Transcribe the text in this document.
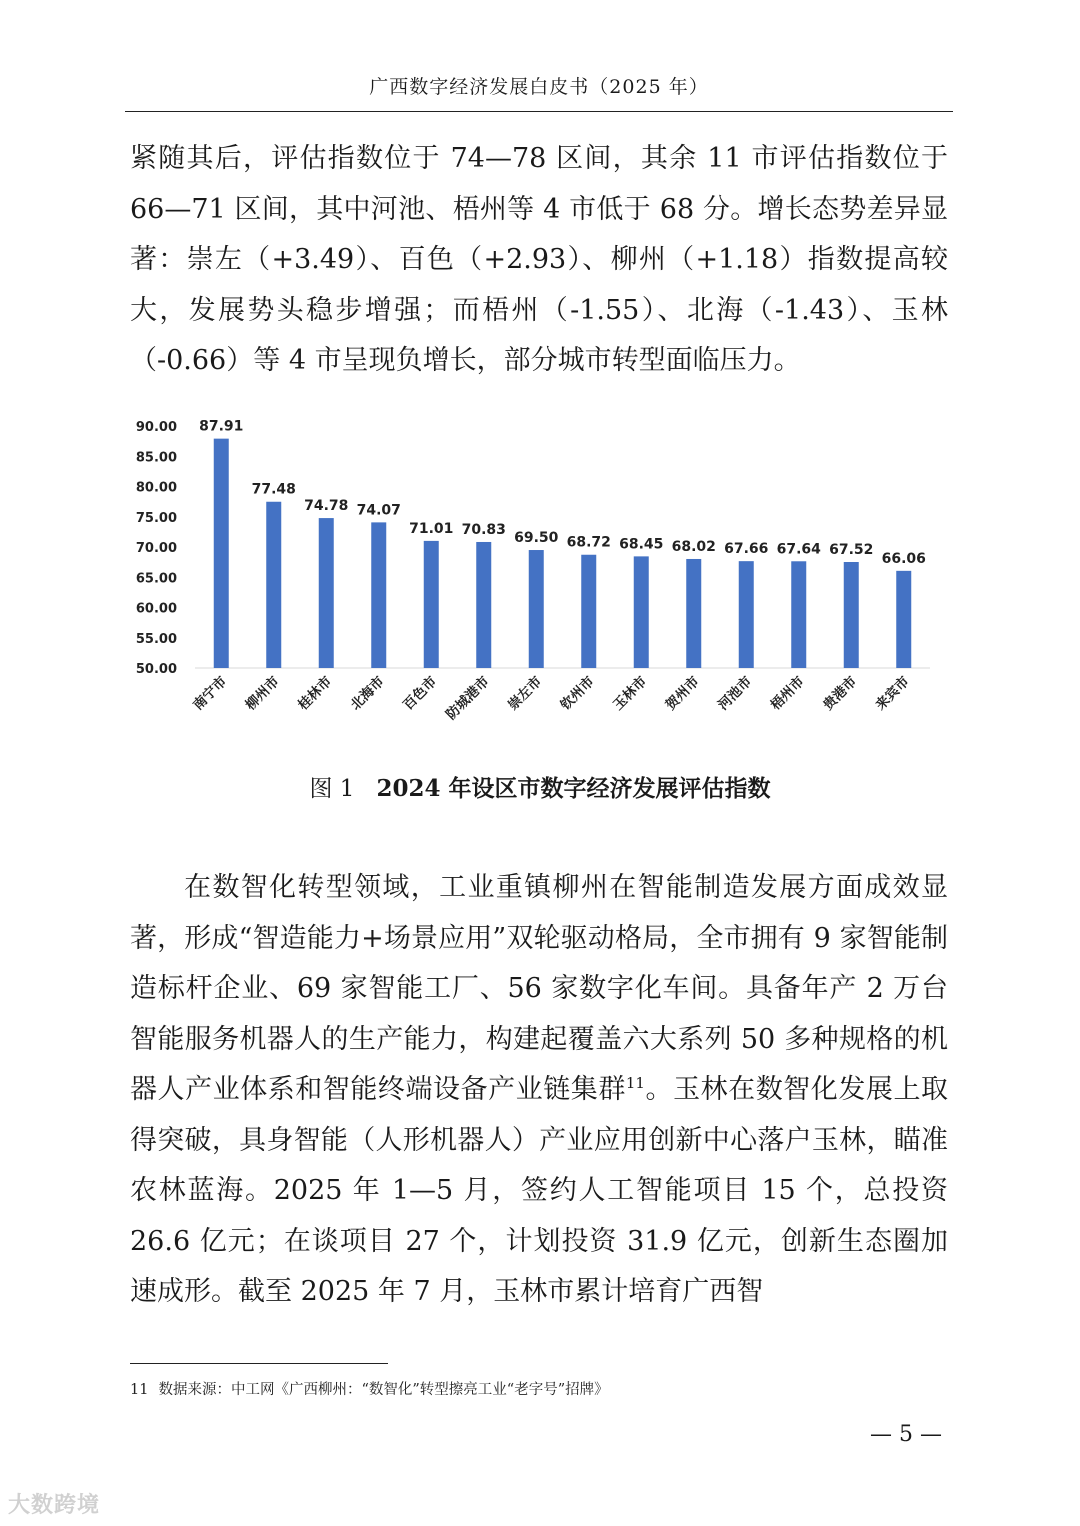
广西数字经济发展白皮书（2025 年）

紧随其后，评估指数位于 74—78 区间，其余 11 市评估指数位于 66—71 区间，其中河池、梧州等 4 市低于 68 分。增长态势差异显著：崇左（+3.49）、百色（+2.93）、柳州（+1.18）指数提高较大，发展势头稳步增强；而梧州（-1.55）、北海（-1.43）、玉林（-0.66）等 4 市呈现负增长，部分城市转型面临压力。

50.00
55.00
60.00
65.00
70.00
75.00
80.00
85.00
90.00 87.91
南宁市
77.48
柳州市
74.78
桂林市
74.07
北海市
71.01
百色市
70.83
防城港市
69.50
崇左市
68.72
钦州市
68.45
玉林市
68.02
贺州市
67.66
河池市
67.64
梧州市
67.52
贵港市
66.06
来宾市
图 1 2024 年设区市数字经济发展评估指数

在数智化转型领域，工业重镇柳州在智能制造发展方面成效显著，形成“智造能力+场景应用”双轮驱动格局，全市拥有 9 家智能制造标杆企业、69 家智能工厂、56 家数字化车间。具备年产 2 万台智能服务机器人的生产能力，构建起覆盖六大系列 50 多种规格的机器人产业体系和智能终端设备产业链集群$^{11}$。玉林在数智化发展上取得突破，具身智能（人形机器人）产业应用创新中心落户玉林，瞄准农林蓝海。2025 年 1—5 月，签约人工智能项目 15 个，总投资 26.6 亿元；在谈项目 27 个，计划投资 31.9 亿元，创新生态圈加速成形。截至 2025 年 7 月，玉林市累计培育广西智

11 数据来源：中工网《广西柳州：“数智化”转型擦亮工业“老字号”招牌》
— 5 —
大数跨境
